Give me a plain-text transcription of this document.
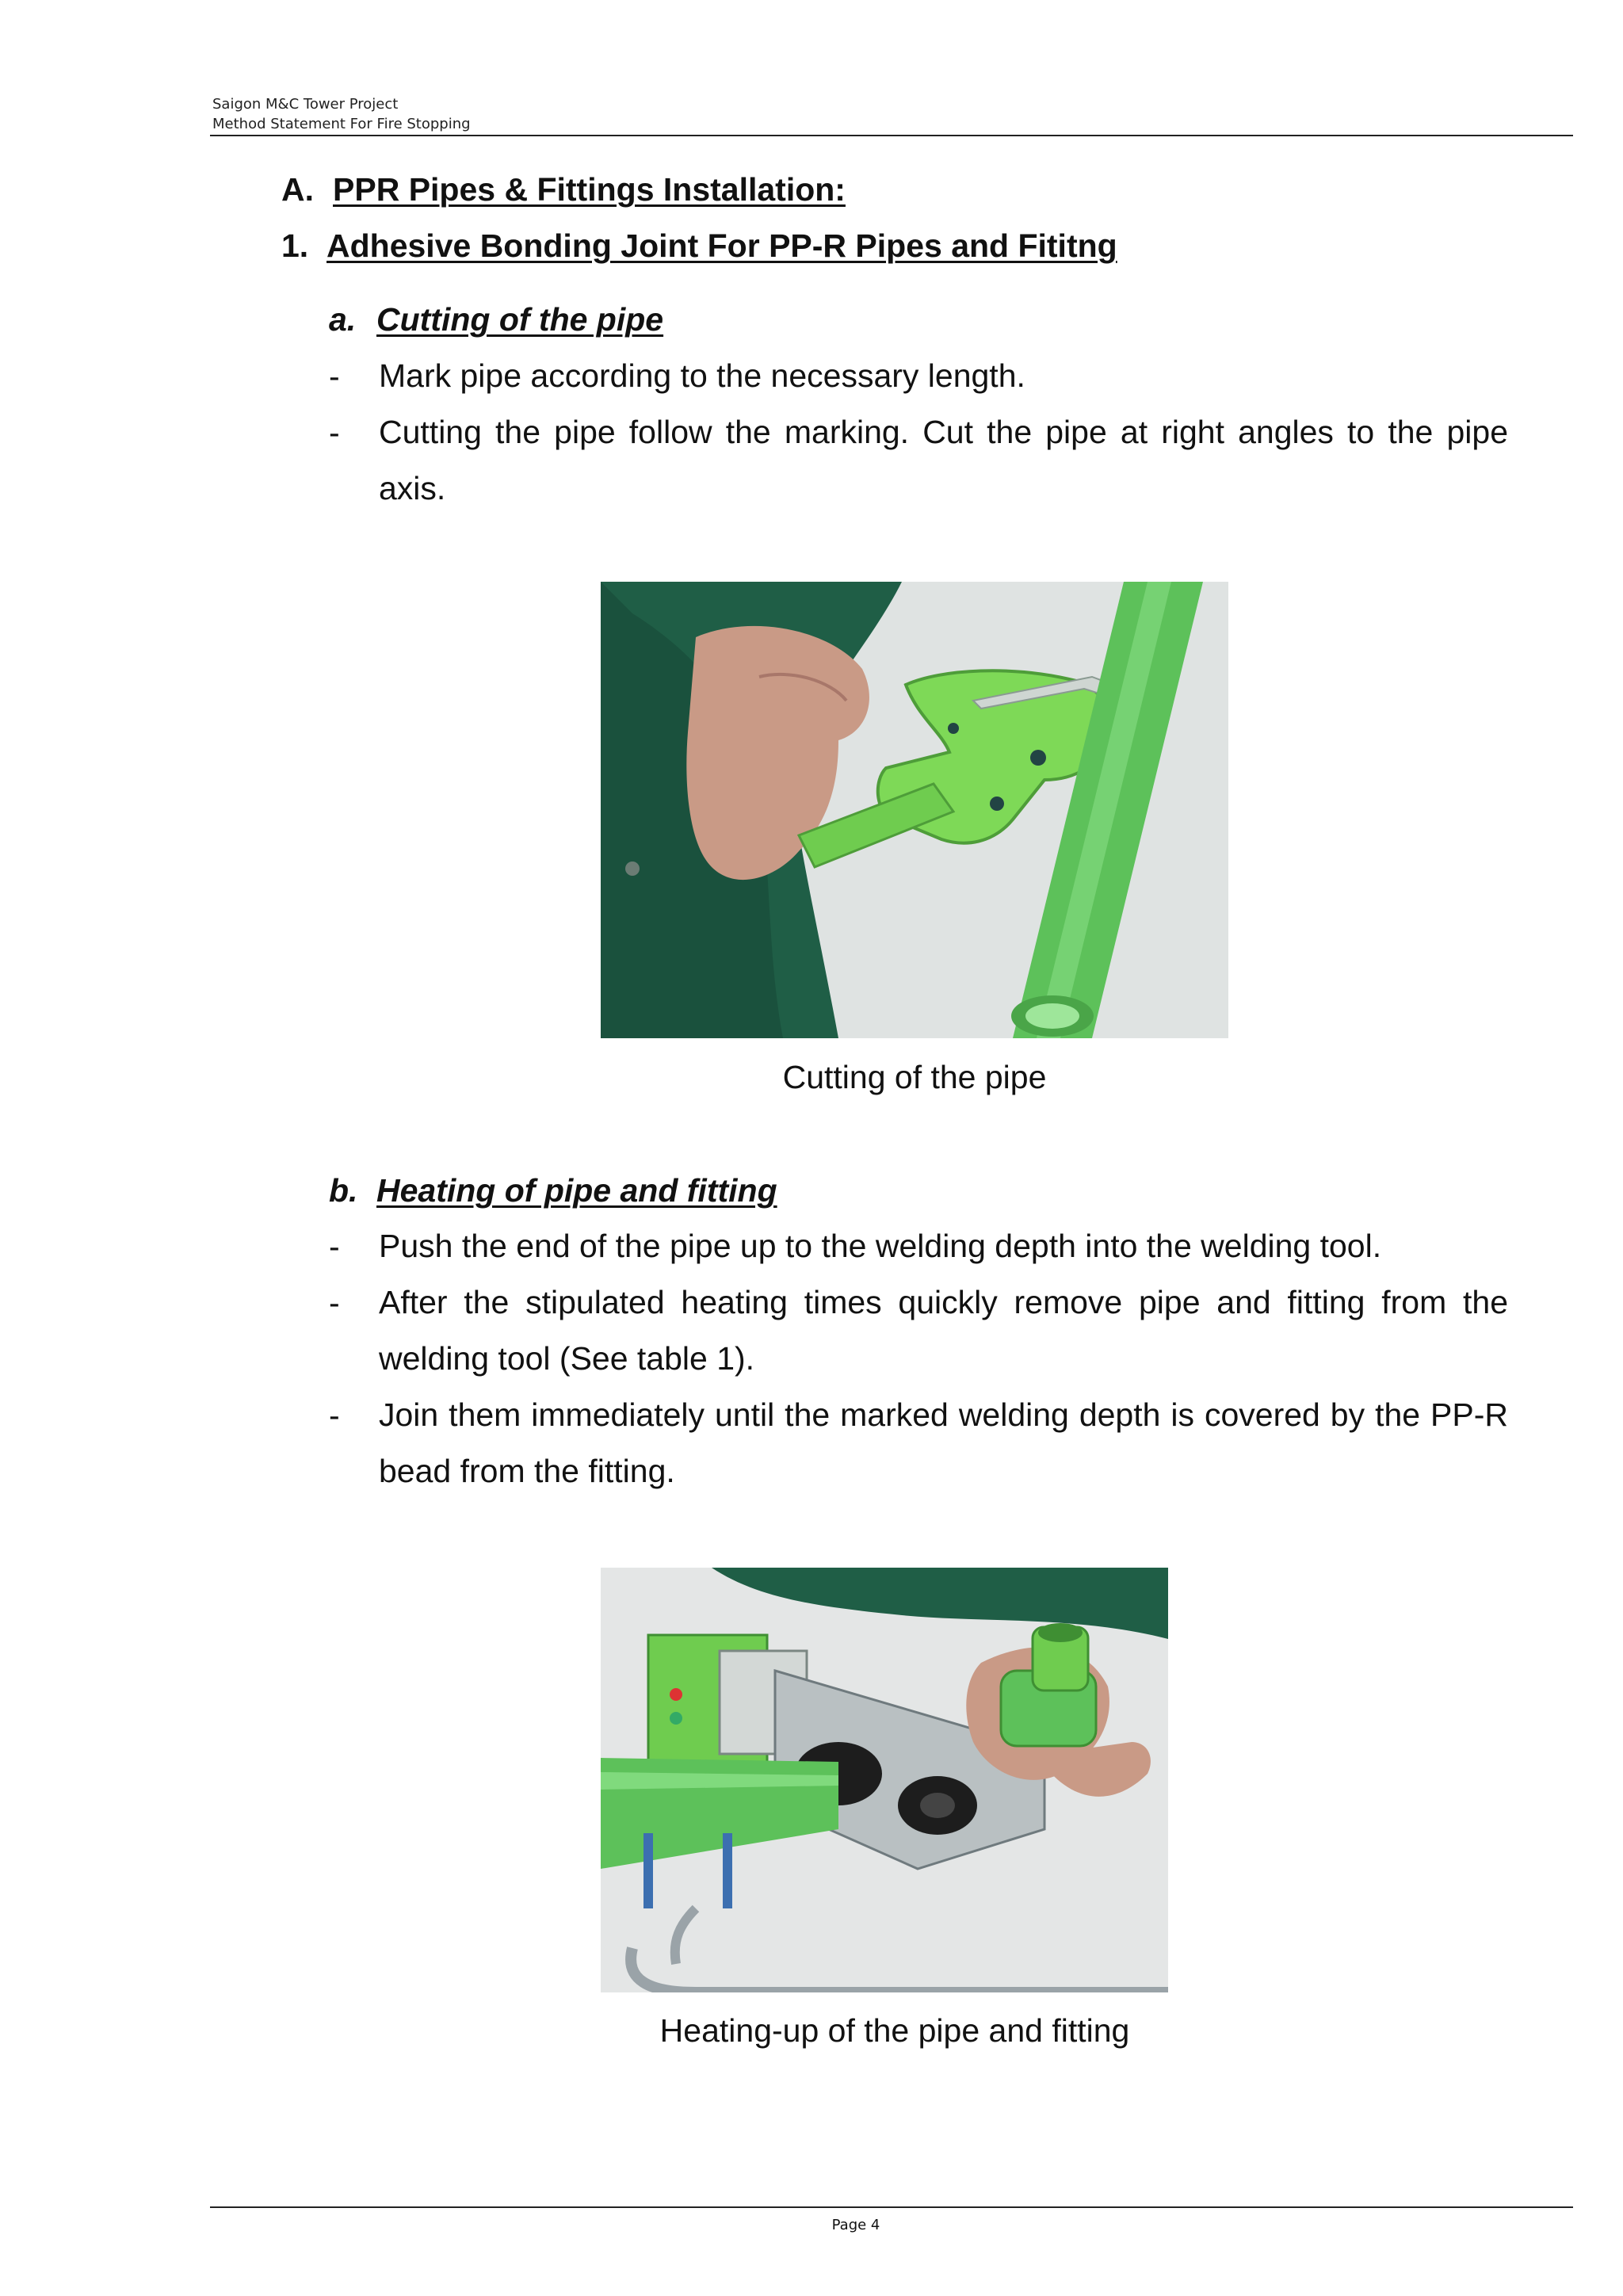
Saigon M&C Tower Project
Method Statement For Fire Stopping
A. PPR Pipes & Fittings Installation:
1. Adhesive Bonding Joint For PP-R Pipes and Fititng
a. Cutting of the pipe
- Mark pipe according to the necessary length.
- Cutting the pipe follow the marking. Cut the pipe at right angles to the pipe axis.
Cutting of the pipe
b. Heating of pipe and fitting
- Push the end of the pipe up to the welding depth into the welding tool.
- After the stipulated heating times quickly remove pipe and fitting from the welding tool (See table 1).
- Join them immediately until the marked welding depth is covered by the PP-R bead from the fitting.
Heating-up of the pipe and fitting
Page 4
